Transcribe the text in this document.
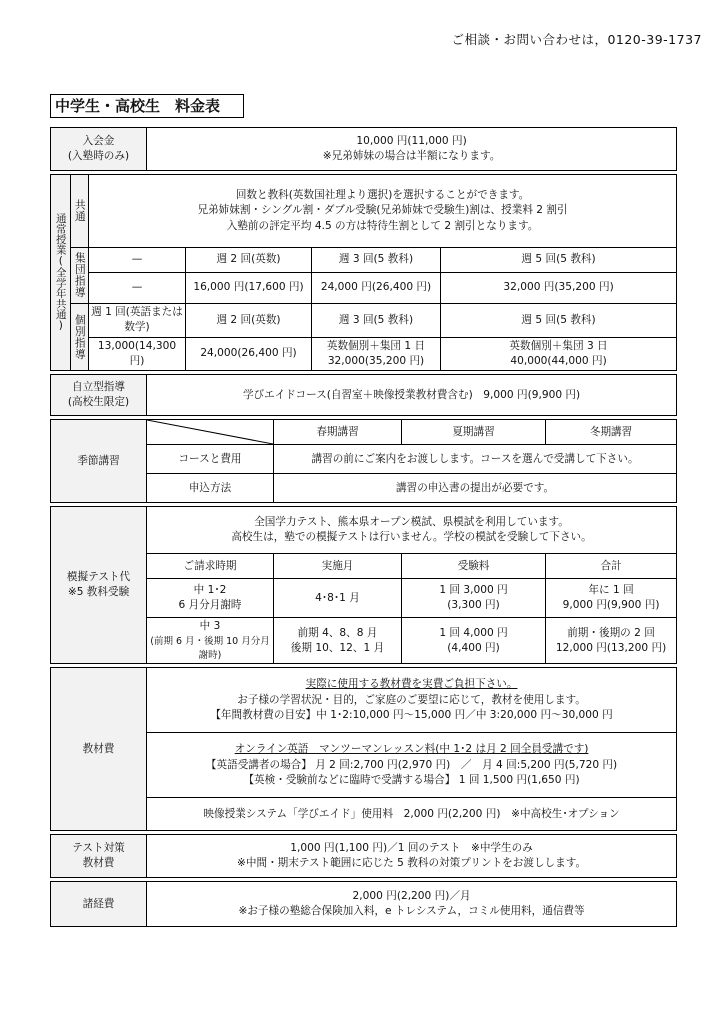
ご相談・お問い合わせは，0120-39-1737
中学生・高校生　料金表
入会金
(入塾時のみ)			10,000 円(11,000 円)
※兄弟姉妹の場合は半額になります。						

通常授業(全学年共通)	共通	回数と教科(英数国社理より選択)を選択することができます。
兄弟姉妹割・シングル割・ダブル受験(兄弟姉妹で受験生)割は、授業料 2 割引
入塾前の評定平均 4.5 の方は特待生割として 2 割引となります。							

	集団指導	—		週 2 回(英数)		週 3 回(5 教科)		週 5 回(5 教科)	
		—		16,000 円(17,600 円)		24,000 円(26,400 円)		32,000 円(35,200 円)	
	個別指導	週 1 回(英語または数学)		週 2 回(英数)		週 3 回(5 教科)		週 5 回(5 教科)	
		13,000(14,300 円)		24,000(26,400 円)		英数個別＋集団 1 日
32,000(35,200 円)		英数個別＋集団 3 日
40,000(44,000 円)	

自立型指導
(高校生限定)			学びエイドコース(自習室＋映像授業教材費含む)　9,000 円(9,900 円)						

季節講習					春期講習		夏期講習		冬期講習
			コースと費用		講習の前にご案内をお渡しします。コースを選んで受講して下さい。				
			申込方法		講習の申込書の提出が必要です。				

模擬テスト代
※5 教科受験			全国学力テスト、熊本県オープン模試、県模試を利用しています。
高校生は，塾での模擬テストは行いません。学校の模試を受験して下さい。						

			ご請求時期		実施月		受験料		合計

			中 1･2
6 月分月謝時		4･8･1 月		1 回 3,000 円
(3,300 円)		年に 1 回
9,000 円(9,900 円)

			中 3
(前期 6 月・後期 10 月分月謝時)		前期 4、8、8 月
後期 10、12、1 月		1 回 4,000 円
(4,400 円)		前期・後期の 2 回
12,000 円(13,200 円)

教材費			実際に使用する教材費を実費ご負担下さい。
お子様の学習状況・目的，ご家庭のご要望に応じて，教材を使用します。
【年間教材費の目安】中 1･2:10,000 円～15,000 円／中 3:20,000 円～30,000 円						

			オンライン英語　マンツーマンレッスン料(中 1･2 は月 2 回全員受講です)
【英語受講者の場合】 月 2 回:2,700 円(2,970 円)　／　月 4 回:5,200 円(5,720 円)
【英検・受験前などに臨時で受講する場合】 1 回 1,500 円(1,650 円)						

			映像授業システム「学びエイド」使用料　2,000 円(2,200 円)　※中高校生･オプション						

テスト対策
教材費			1,000 円(1,100 円)／1 回のテスト　※中学生のみ
※中間・期末テスト範囲に応じた 5 教科の対策プリントをお渡しします。						

諸経費			2,000 円(2,200 円)／月
※お子様の塾総合保険加入料，e トレシステム，コミル使用料，通信費等						
